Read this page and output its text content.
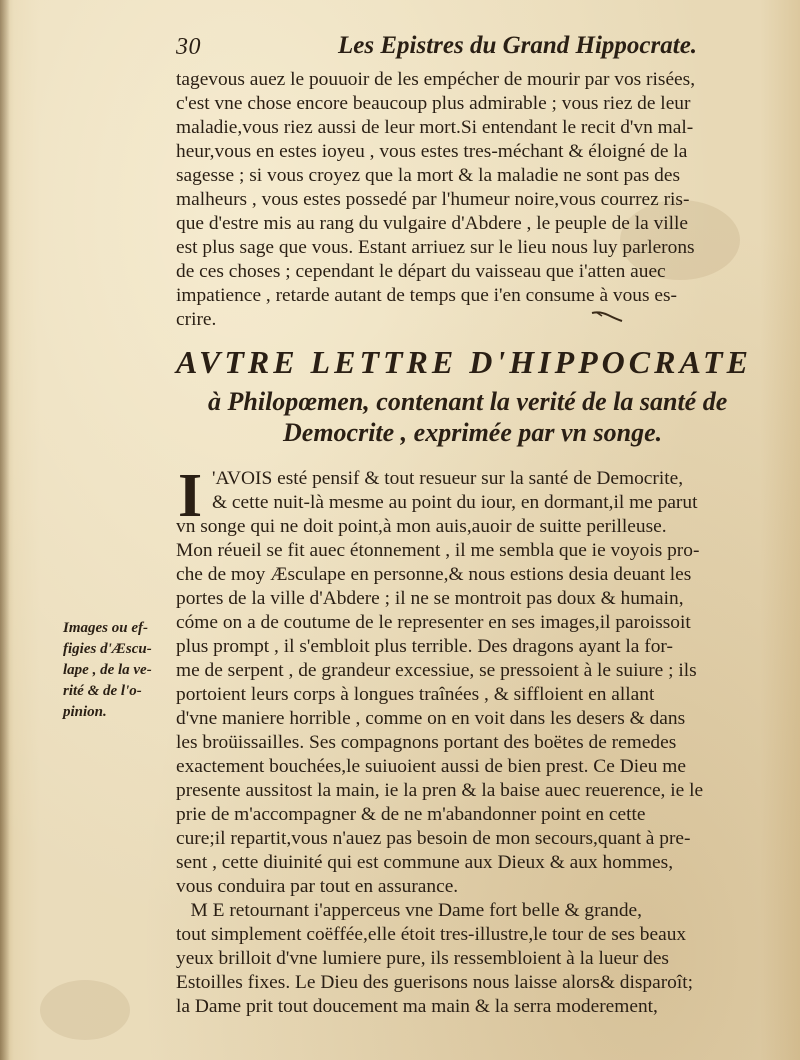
30	Les Epistres du Grand Hippocrate.
tagevous auez le pouuoir de les empécher de mourir par vos risées,
c'est vne chose encore beaucoup plus admirable ; vous riez de leur
maladie,vous riez aussi de leur mort.Si entendant le recit d'vn mal-
heur,vous en estes ioyeu , vous estes tres-méchant & éloigné de la
sagesse ; si vous croyez que la mort & la maladie ne sont pas des
malheurs , vous estes possedé par l'humeur noire,vous courrez ris-
que d'estre mis au rang du vulgaire d'Abdere , le peuple de la ville
est plus sage que vous. Estant arriuez sur le lieu nous luy parlerons
de ces choses ; cependant le départ du vaisseau que i'atten auec
impatience , retarde autant de temps que i'en consume à vous es-
crire.
AVTRE LETTRE D'HIPPOCRATE
à Philopœmen, contenant la verité de la santé de
Democrite , exprimée par vn songe.
I 'AVOIS esté pensif & tout resueur sur la santé de Democrite,
& cette nuit-là mesme au point du iour, en dormant,il me parut
vn songe qui ne doit point,à mon auis,auoir de suitte perilleuse.
Mon réueil se fit auec étonnement , il me sembla que ie voyois pro-
che de moy Æsculape en personne,& nous estions desia deuant les
portes de la ville d'Abdere ; il ne se montroit pas doux & humain,
cóme on a de coutume de le representer en ses images,il paroissoit
plus prompt , il s'embloit plus terrible. Des dragons ayant la for-
me de serpent , de grandeur excessiue, se pressoient à le suiure ; ils
portoient leurs corps à longues traînées , & siffloient en allant
d'vne maniere horrible , comme on en voit dans les desers & dans
les broüissailles. Ses compagnons portant des boëtes de remedes
exactement bouchées,le suiuoient aussi de bien prest. Ce Dieu me
presente aussitost la main, ie la pren & la baise auec reuerence, ie le
prie de m'accompagner & de ne m'abandonner point en cette
cure;il repartit,vous n'auez pas besoin de mon secours,quant à pre-
sent , cette diuinité qui est commune aux Dieux & aux hommes,
vous conduira par tout en assurance.
M E retournant i'apperceus vne Dame fort belle & grande,
tout simplement coëffée,elle étoit tres-illustre,le tour de ses beaux
yeux brilloit d'vne lumiere pure, ils ressembloient à la lueur des
Estoilles fixes. Le Dieu des guerisons nous laisse alors& disparoît;
la Dame prit tout doucement ma main & la serra moderement,
Images ou ef-
figies d'Æscu-
lape , de la ve-
rité & de l'o-
pinion.
